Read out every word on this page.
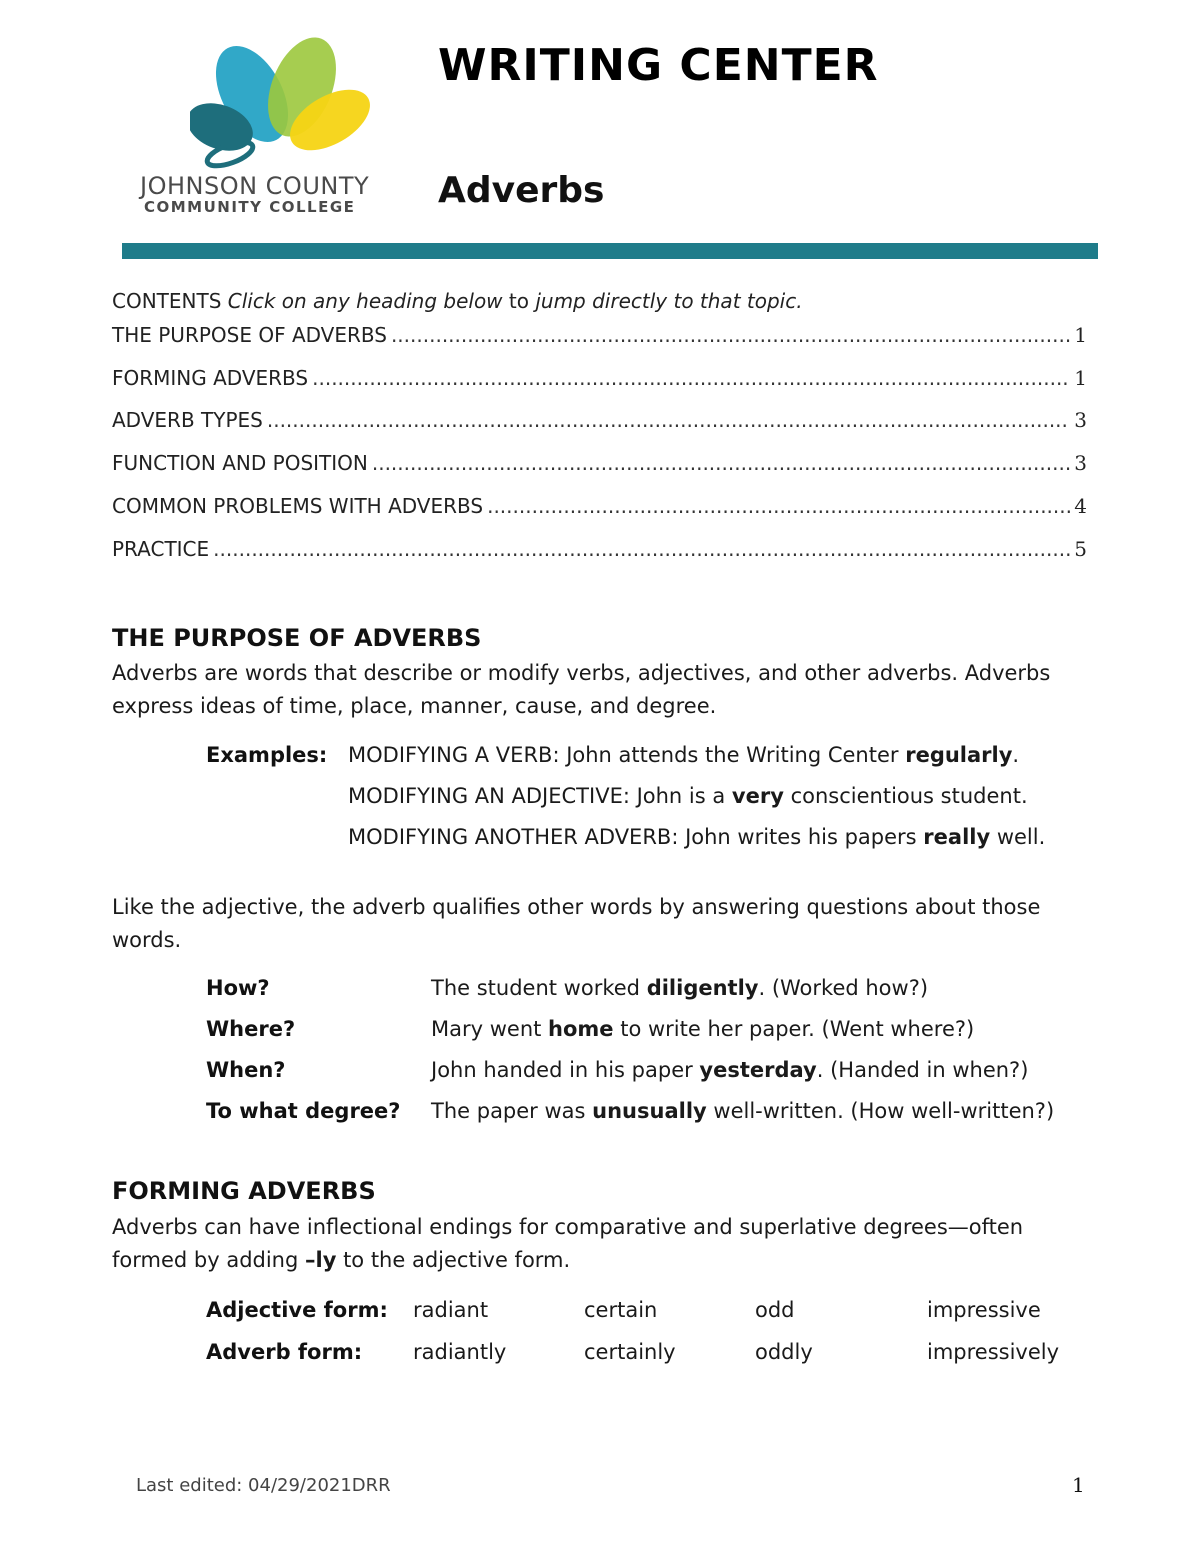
JOHNSON COUNTY
COMMUNITY COLLEGE
WRITING CENTER
Adverbs
CONTENTS Click on any heading below to jump directly to that topic.
THE PURPOSE OF ADVERBS .....	1
FORMING ADVERBS .....	1
ADVERB TYPES .....	3
FUNCTION AND POSITION .....	3
COMMON PROBLEMS WITH ADVERBS .....	4
PRACTICE .....	5
THE PURPOSE OF ADVERBS

Adverbs are words that describe or modify verbs, adjectives, and other adverbs. Adverbs express ideas of time, place, manner, cause, and degree.

Examples: MODIFYING A VERB: John attends the Writing Center regularly.
MODIFYING AN ADJECTIVE: John is a very conscientious student.
MODIFYING ANOTHER ADVERB: John writes his papers really well.

Like the adjective, the adverb qualifies other words by answering questions about those words.

How?	The student worked diligently. (Worked how?)
Where?	Mary went home to write her paper. (Went where?)
When?	John handed in his paper yesterday. (Handed in when?)
To what degree? The paper was unusually well-written. (How well-written?)
FORMING ADVERBS

Adverbs can have inflectional endings for comparative and superlative degrees—often formed by adding –ly to the adjective form.

Adjective form: radiant	certain	odd	impressive
Adverb form: radiantly	certainly	oddly	impressively
Last edited: 04/29/2021DRR	1
